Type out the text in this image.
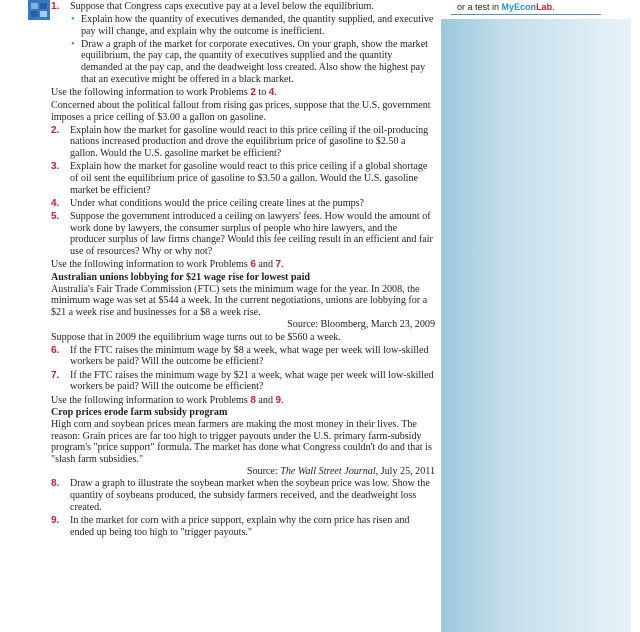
1. Suppose that Congress caps executive pay at a level below the equilibrium.
• Explain how the quantity of executives demanded, the quantity supplied, and executive pay will change, and explain why the outcome is inefficient.
• Draw a graph of the market for corporate executives. On your graph, show the market equilibrium, the pay cap, the quantity of executives supplied and the quantity demanded at the pay cap, and the deadweight loss created. Also show the highest pay that an executive might be offered in a black market.
Use the following information to work Problems 2 to 4.
Concerned about the political fallout from rising gas prices, suppose that the U.S. government imposes a price ceiling of $3.00 a gallon on gasoline.
2. Explain how the market for gasoline would react to this price ceiling if the oil-producing nations increased production and drove the equilibrium price of gasoline to $2.50 a gallon. Would the U.S. gasoline market be efficient?
3. Explain how the market for gasoline would react to this price ceiling if a global shortage of oil sent the equilibrium price of gasoline to $3.50 a gallon. Would the U.S. gasoline market be efficient?
4. Under what conditions would the price ceiling create lines at the pumps?
5. Suppose the government introduced a ceiling on lawyers' fees. How would the amount of work done by lawyers, the consumer surplus of people who hire lawyers, and the producer surplus of law firms change? Would this fee ceiling result in an efficient and fair use of resources? Why or why not?
Use the following information to work Problems 6 and 7.
Australian unions lobbying for $21 wage rise for lowest paid
Australia's Fair Trade Commission (FTC) sets the minimum wage for the year. In 2008, the minimum wage was set at $544 a week. In the current negotiations, unions are lobbying for a $21 a week rise and businesses for a $8 a week rise.
Source: Bloomberg, March 23, 2009
Suppose that in 2009 the equilibrium wage turns out to be $560 a week.
6. If the FTC raises the minimum wage by $8 a week, what wage per week will low-skilled workers be paid? Will the outcome be efficient?
7. If the FTC raises the minimum wage by $21 a week, what wage per week will low-skilled workers be paid? Will the outcome be efficient?
Use the following information to work Problems 8 and 9.
Crop prices erode farm subsidy program
High corn and soybean prices mean farmers are making the most money in their lives. The reason: Grain prices are far too high to trigger payouts under the U.S. primary farm-subsidy program's "price support" formula. The market has done what Congress couldn't do and that is "slash farm subsidies."
Source: The Wall Street Journal, July 25, 2011
8. Draw a graph to illustrate the soybean market when the soybean price was low. Show the quantity of soybeans produced, the subsidy farmers received, and the deadweight loss created.
9. In the market for corn with a price support, explain why the corn price has risen and ended up being too high to "trigger payouts."
or a test in MyEconLab.
